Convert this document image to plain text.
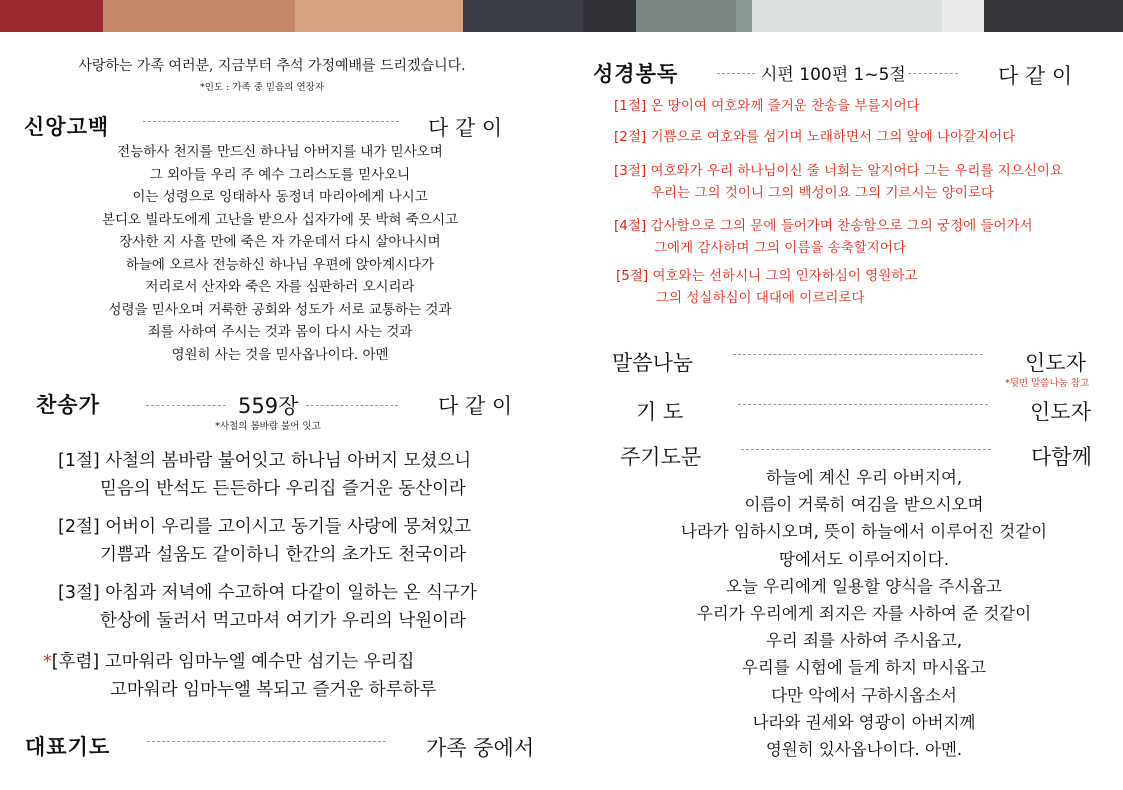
사랑하는 가족 여러분, 지금부터 추석 가정예배를 드리겠습니다.
*인도 : 가족 중 믿음의 연장자
신앙고백	다 같 이
전능하사 천지를 만드신 하나님 아버지를 내가 믿사오며
그 외아들 우리 주 예수 그리스도를 믿사오니
이는 성령으로 잉태하사 동정녀 마리아에게 나시고
본디오 빌라도에게 고난을 받으사 십자가에 못 박혀 죽으시고
장사한 지 사흘 만에 죽은 자 가운데서 다시 살아나시며
하늘에 오르사 전능하신 하나님 우편에 앉아계시다가
저리로서 산자와 죽은 자를 심판하러 오시리라
성령을 믿사오며 거룩한 공회와 성도가 서로 교통하는 것과
죄를 사하여 주시는 것과 몸이 다시 사는 것과
영원히 사는 것을 믿사옵나이다. 아멘
찬송가	559장	다 같 이
*사철의 봄바람 불어 잇고
[1절] 사철의 봄바람 불어잇고 하나님 아버지 모셨으니
믿음의 반석도 든든하다 우리집 즐거운 동산이라
[2절] 어버이 우리를 고이시고 동기들 사랑에 뭉쳐있고
기쁨과 설움도 같이하니 한간의 초가도 천국이라
[3절] 아침과 저녁에 수고하여 다같이 일하는 온 식구가
한상에 둘러서 먹고마셔 여기가 우리의 낙원이라
*[후렴] 고마워라 임마누엘 예수만 섬기는 우리집
고마워라 임마누엘 복되고 즐거운 하루하루
대표기도	가족 중에서
성경봉독	시편 100편 1~5절	다 같 이
[1절] 온 땅이여 여호와께 즐거운 찬송을 부를지어다
[2절] 기쁨으로 여호와를 섬기며 노래하면서 그의 앞에 나아갈지어다
[3절] 여호와가 우리 하나님이신 줄 너희는 알지어다 그는 우리를 지으신이요
우리는 그의 것이니 그의 백성이요 그의 기르시는 양이로다
[4절] 감사함으로 그의 문에 들어가며 찬송함으로 그의 궁정에 들어가서
그에게 감사하며 그의 이름을 송축할지어다
[5절] 여호와는 선하시니 그의 인자하심이 영원하고
그의 성실하심이 대대에 이르리로다
말씀나눔	인도자
*뒷면 말씀나눔 참고
기 도	인도자
주기도문	다함께
하늘에 계신 우리 아버지여,
이름이 거룩히 여김을 받으시오며
나라가 임하시오며, 뜻이 하늘에서 이루어진 것같이
땅에서도 이루어지이다.
오늘 우리에게 일용할 양식을 주시옵고
우리가 우리에게 죄지은 자를 사하여 준 것같이
우리 죄를 사하여 주시옵고,
우리를 시험에 들게 하지 마시옵고
다만 악에서 구하시옵소서
나라와 권세와 영광이 아버지께
영원히 있사옵나이다. 아멘.
